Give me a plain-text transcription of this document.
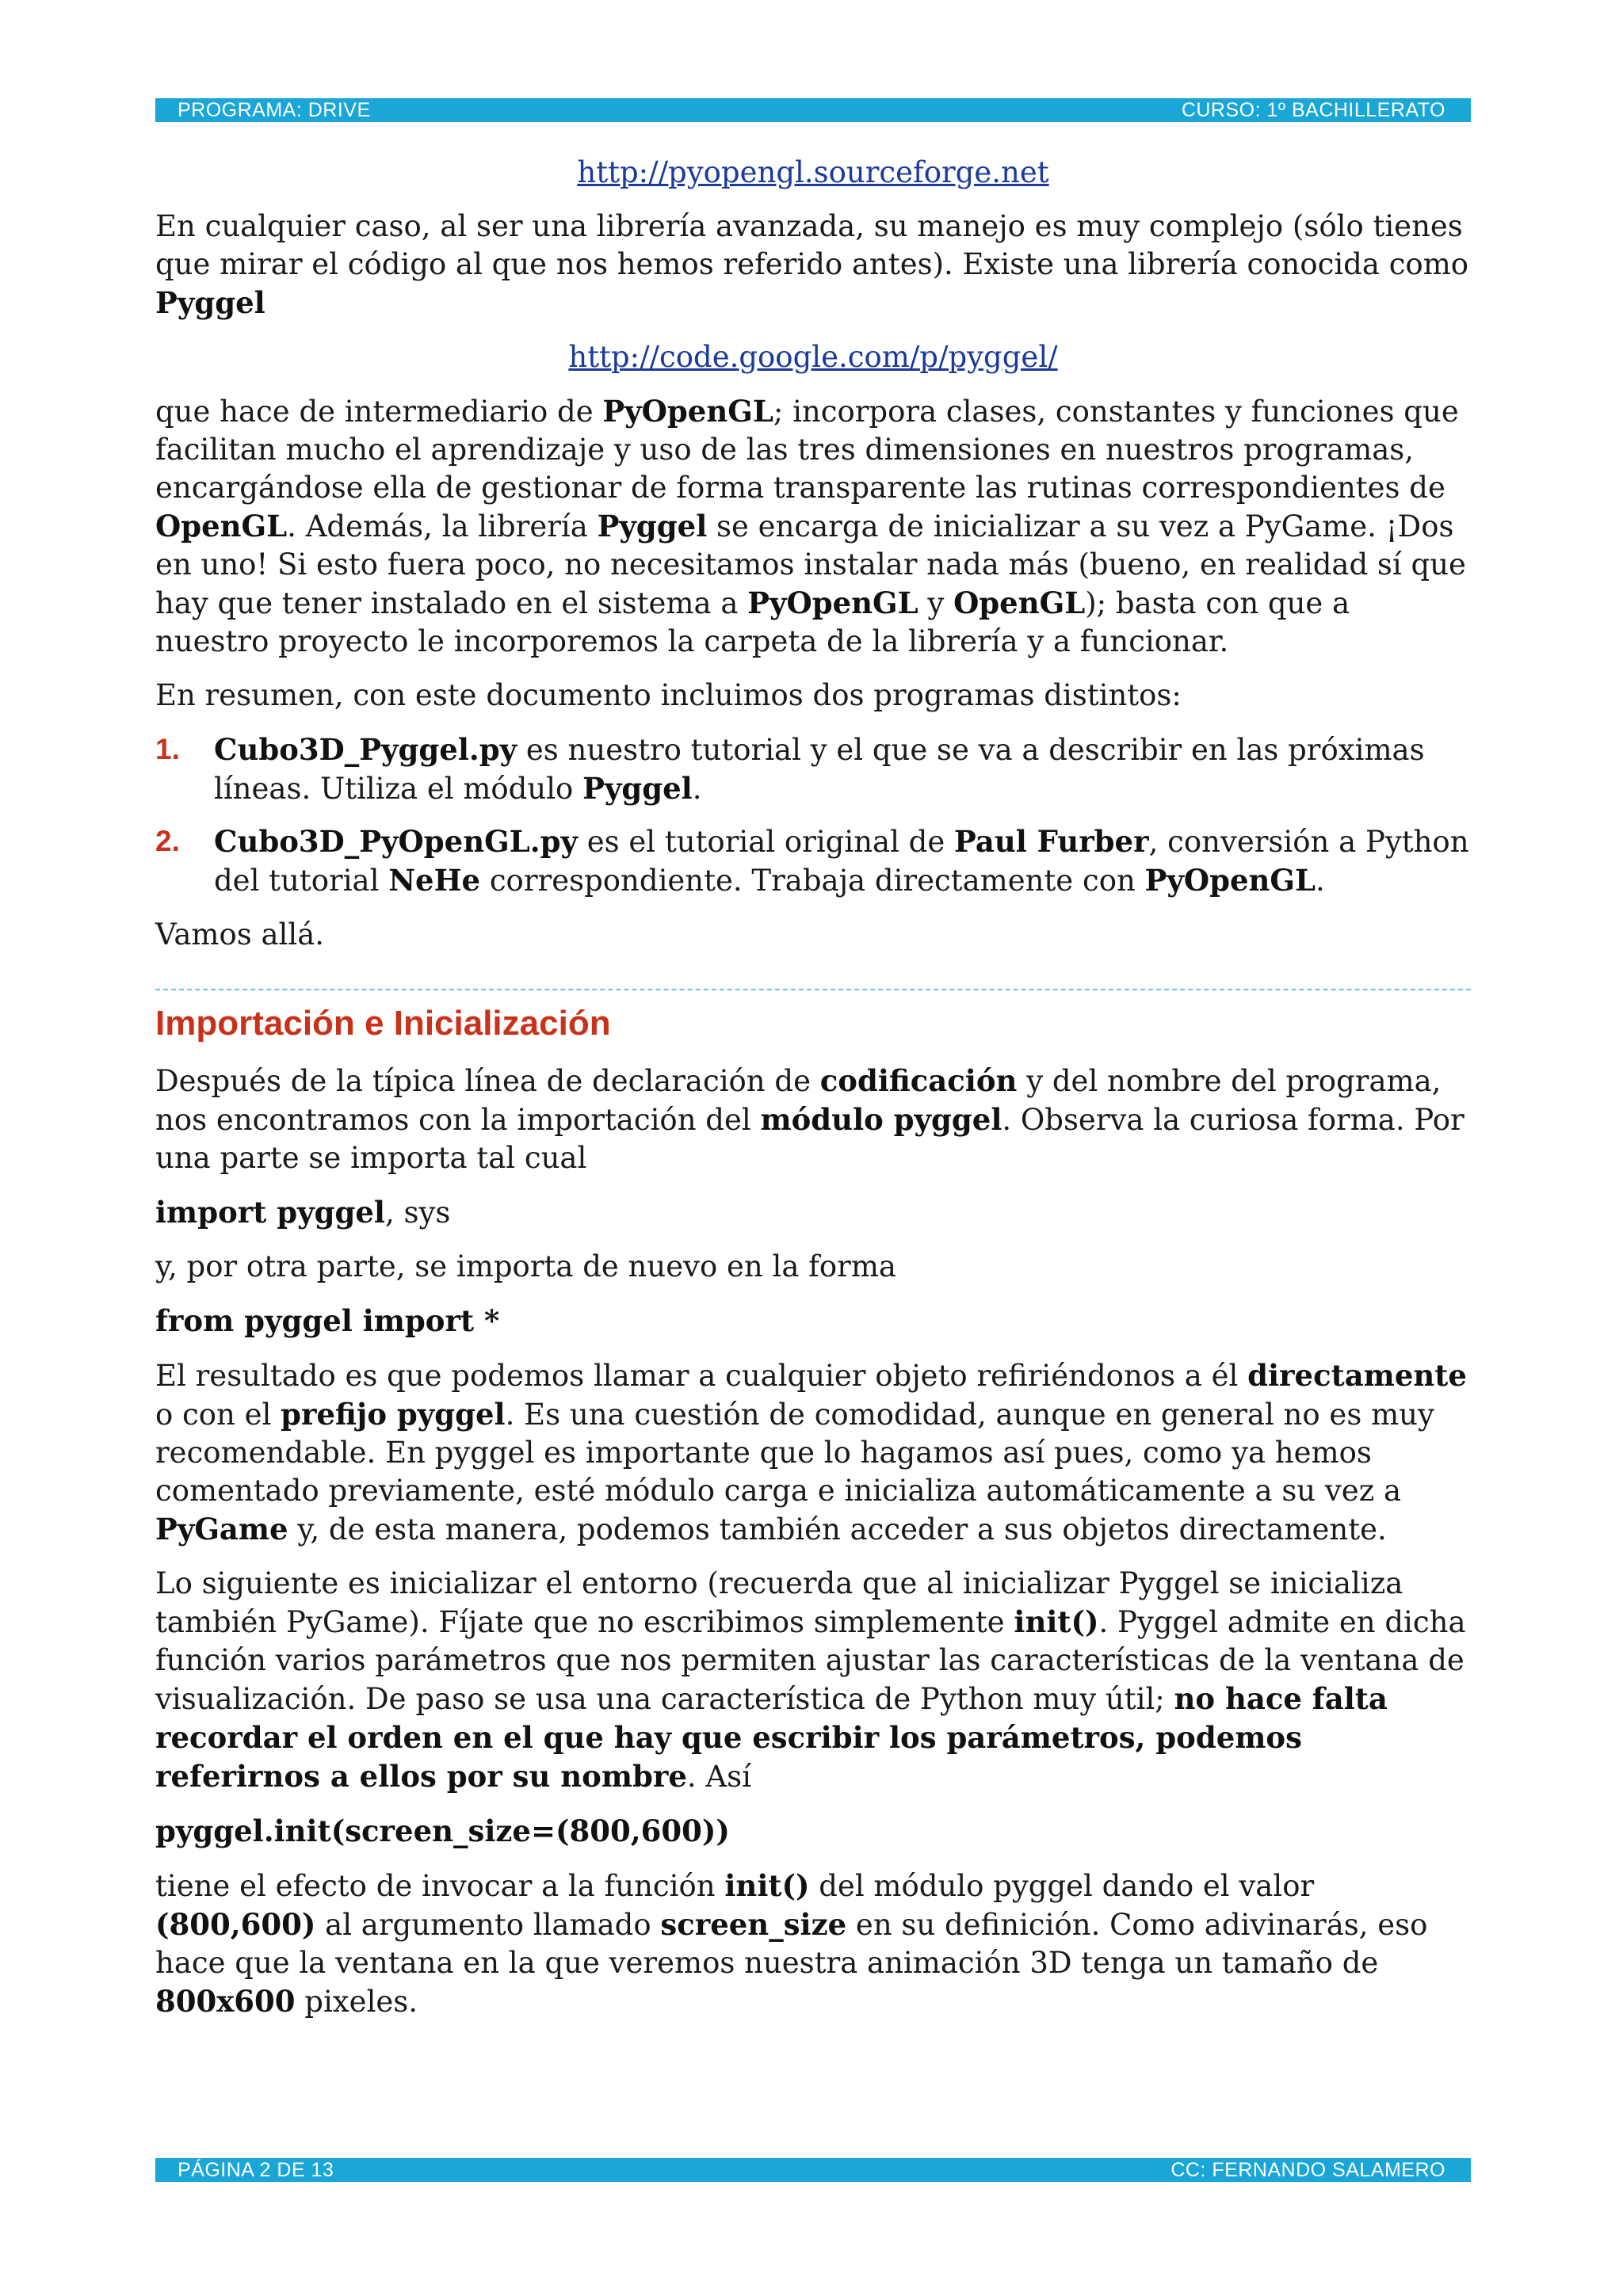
PROGRAMA: DRIVE	CURSO: 1º BACHILLERATO
http://pyopengl.sourceforge.net

En cualquier caso, al ser una librería avanzada, su manejo es muy complejo (sólo tienes que mirar el código al que nos hemos referido antes). Existe una librería conocida como Pyggel

http://code.google.com/p/pyggel/

que hace de intermediario de PyOpenGL; incorpora clases, constantes y funciones que facilitan mucho el aprendizaje y uso de las tres dimensiones en nuestros programas, encargándose ella de gestionar de forma transparente las rutinas correspondientes de OpenGL. Además, la librería Pyggel se encarga de inicializar a su vez a PyGame. ¡Dos en uno! Si esto fuera poco, no necesitamos instalar nada más (bueno, en realidad sí que hay que tener instalado en el sistema a PyOpenGL y OpenGL); basta con que a nuestro proyecto le incorporemos la carpeta de la librería y a funcionar.

En resumen, con este documento incluimos dos programas distintos:

1. Cubo3D_Pyggel.py es nuestro tutorial y el que se va a describir en las próximas líneas. Utiliza el módulo Pyggel.
2. Cubo3D_PyOpenGL.py es el tutorial original de Paul Furber, conversión a Python del tutorial NeHe correspondiente. Trabaja directamente con PyOpenGL.

Vamos allá.

Importación e Inicialización

Después de la típica línea de declaración de codificación y del nombre del programa, nos encontramos con la importación del módulo pyggel. Observa la curiosa forma. Por una parte se importa tal cual

import pyggel, sys

y, por otra parte, se importa de nuevo en la forma

from pyggel import *

El resultado es que podemos llamar a cualquier objeto refiriéndonos a él directamente o con el prefijo pyggel. Es una cuestión de comodidad, aunque en general no es muy recomendable. En pyggel es importante que lo hagamos así pues, como ya hemos comentado previamente, esté módulo carga e inicializa automáticamente a su vez a PyGame y, de esta manera, podemos también acceder a sus objetos directamente.

Lo siguiente es inicializar el entorno (recuerda que al inicializar Pyggel se inicializa también PyGame). Fíjate que no escribimos simplemente init(). Pyggel admite en dicha función varios parámetros que nos permiten ajustar las características de la ventana de visualización. De paso se usa una característica de Python muy útil; no hace falta recordar el orden en el que hay que escribir los parámetros, podemos referirnos a ellos por su nombre. Así

pyggel.init(screen_size=(800,600))

tiene el efecto de invocar a la función init() del módulo pyggel dando el valor (800,600) al argumento llamado screen_size en su definición. Como adivinarás, eso hace que la ventana en la que veremos nuestra animación 3D tenga un tamaño de 800x600 pixeles.

PÁGINA 2 DE 13	CC: FERNANDO SALAMERO
